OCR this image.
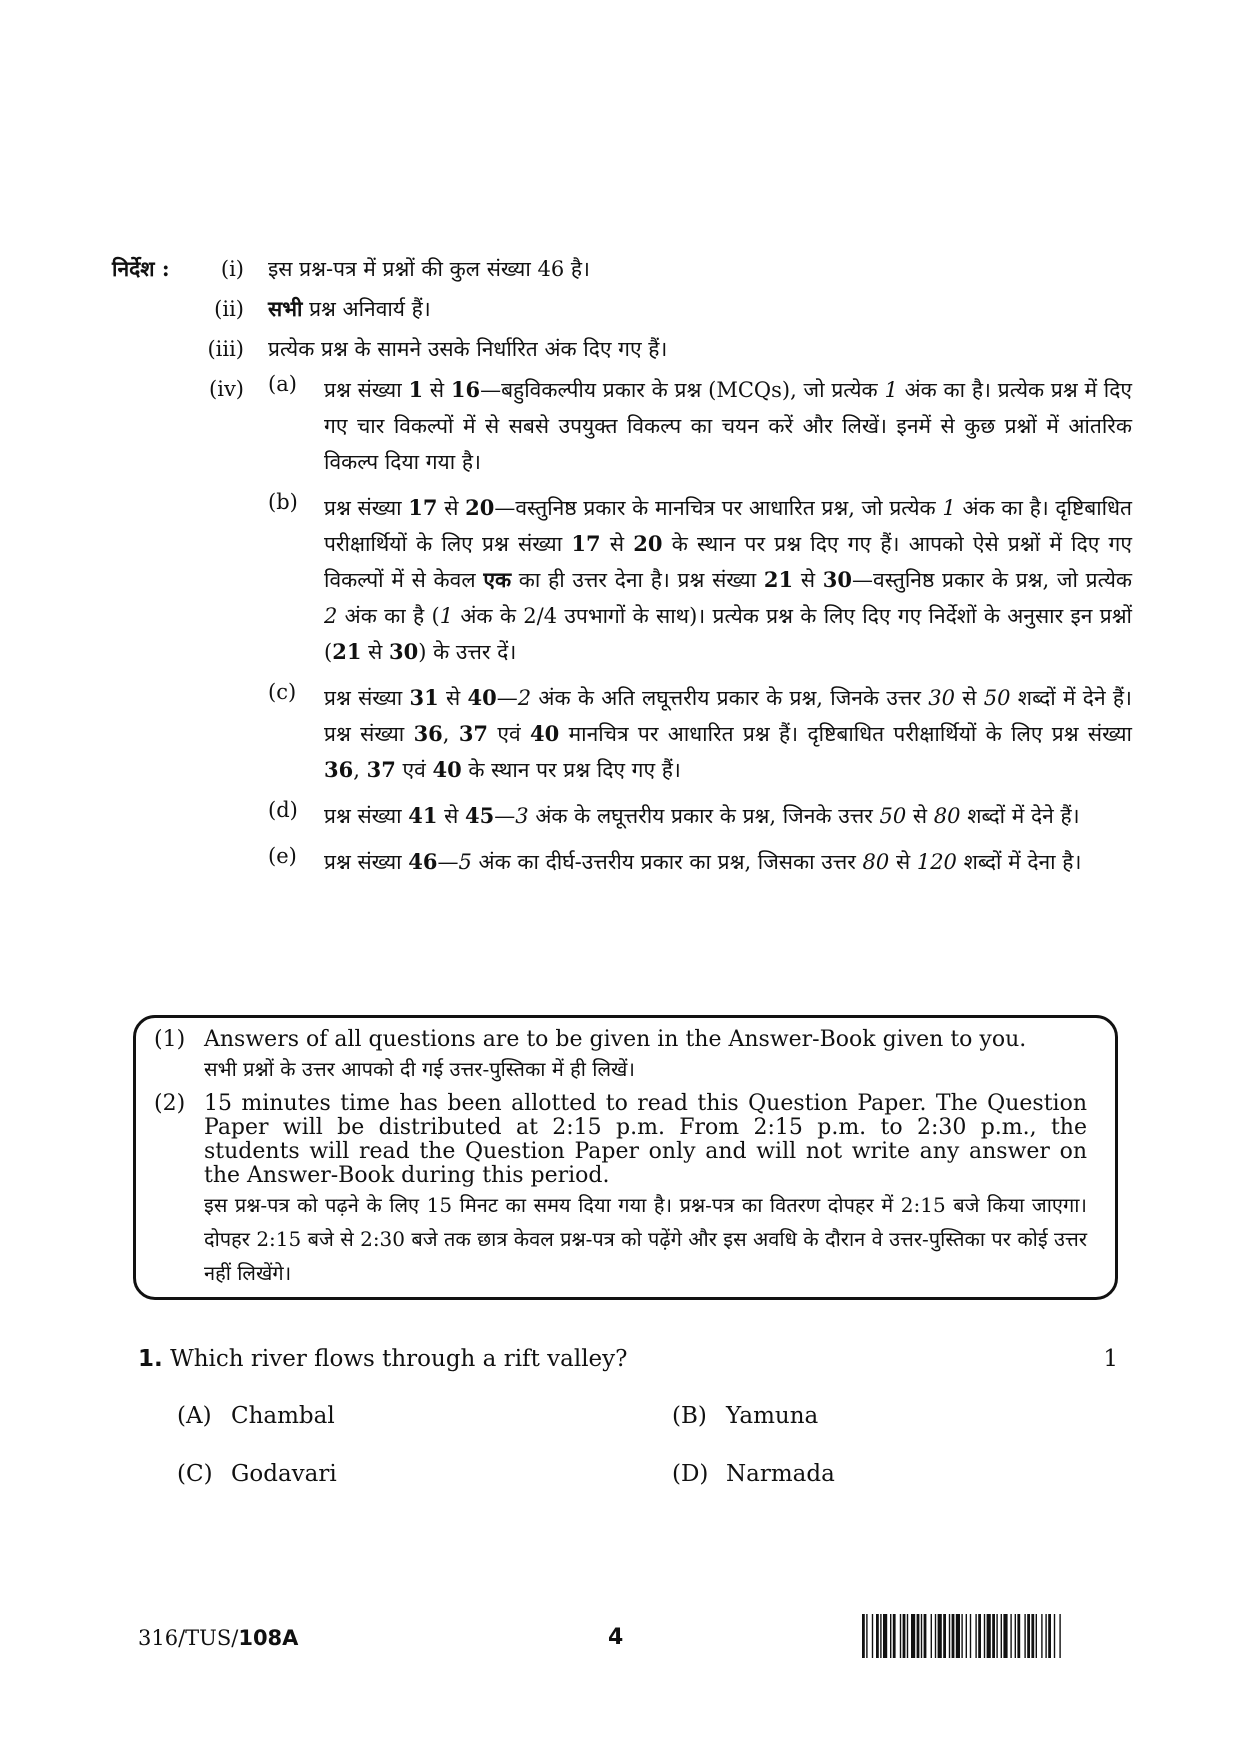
निर्देश :	(i) इस प्रश्न-पत्र में प्रश्नों की कुल संख्या 46 है।
(ii) सभी प्रश्न अनिवार्य हैं।
(iii) प्रत्येक प्रश्न के सामने उसके निर्धारित अंक दिए गए हैं।
(iv) (a) प्रश्न संख्या 1 से 16—बहुविकल्पीय प्रकार के प्रश्न (MCQs), जो प्रत्येक 1 अंक का है। प्रत्येक प्रश्न में दिए गए चार विकल्पों में से सबसे उपयुक्त विकल्प का चयन करें और लिखें। इनमें से कुछ प्रश्नों में आंतरिक विकल्प दिया गया है।
(b) प्रश्न संख्या 17 से 20—वस्तुनिष्ठ प्रकार के मानचित्र पर आधारित प्रश्न, जो प्रत्येक 1 अंक का है। दृष्टिबाधित परीक्षार्थियों के लिए प्रश्न संख्या 17 से 20 के स्थान पर प्रश्न दिए गए हैं। आपको ऐसे प्रश्नों में दिए गए विकल्पों में से केवल एक का ही उत्तर देना है। प्रश्न संख्या 21 से 30—वस्तुनिष्ठ प्रकार के प्रश्न, जो प्रत्येक 2 अंक का है (1 अंक के 2/4 उपभागों के साथ)। प्रत्येक प्रश्न के लिए दिए गए निर्देशों के अनुसार इन प्रश्नों (21 से 30) के उत्तर दें।
(c) प्रश्न संख्या 31 से 40—2 अंक के अति लघूत्तरीय प्रकार के प्रश्न, जिनके उत्तर 30 से 50 शब्दों में देने हैं। प्रश्न संख्या 36, 37 एवं 40 मानचित्र पर आधारित प्रश्न हैं। दृष्टिबाधित परीक्षार्थियों के लिए प्रश्न संख्या 36, 37 एवं 40 के स्थान पर प्रश्न दिए गए हैं।
(d) प्रश्न संख्या 41 से 45—3 अंक के लघूत्तरीय प्रकार के प्रश्न, जिनके उत्तर 50 से 80 शब्दों में देने हैं।
(e) प्रश्न संख्या 46—5 अंक का दीर्घ-उत्तरीय प्रकार का प्रश्न, जिसका उत्तर 80 से 120 शब्दों में देना है।
(1) Answers of all questions are to be given in the Answer-Book given to you.
सभी प्रश्नों के उत्तर आपको दी गई उत्तर-पुस्तिका में ही लिखें।
(2) 15 minutes time has been allotted to read this Question Paper. The Question Paper will be distributed at 2:15 p.m. From 2:15 p.m. to 2:30 p.m., the students will read the Question Paper only and will not write any answer on the Answer-Book during this period.
इस प्रश्न-पत्र को पढ़ने के लिए 15 मिनट का समय दिया गया है। प्रश्न-पत्र का वितरण दोपहर में 2:15 बजे किया जाएगा। दोपहर 2:15 बजे से 2:30 बजे तक छात्र केवल प्रश्न-पत्र को पढ़ेंगे और इस अवधि के दौरान वे उत्तर-पुस्तिका पर कोई उत्तर नहीं लिखेंगे।
1. Which river flows through a rift valley?	1
(A) Chambal	(B) Yamuna
(C) Godavari	(D) Narmada
316/TUS/108A	4
